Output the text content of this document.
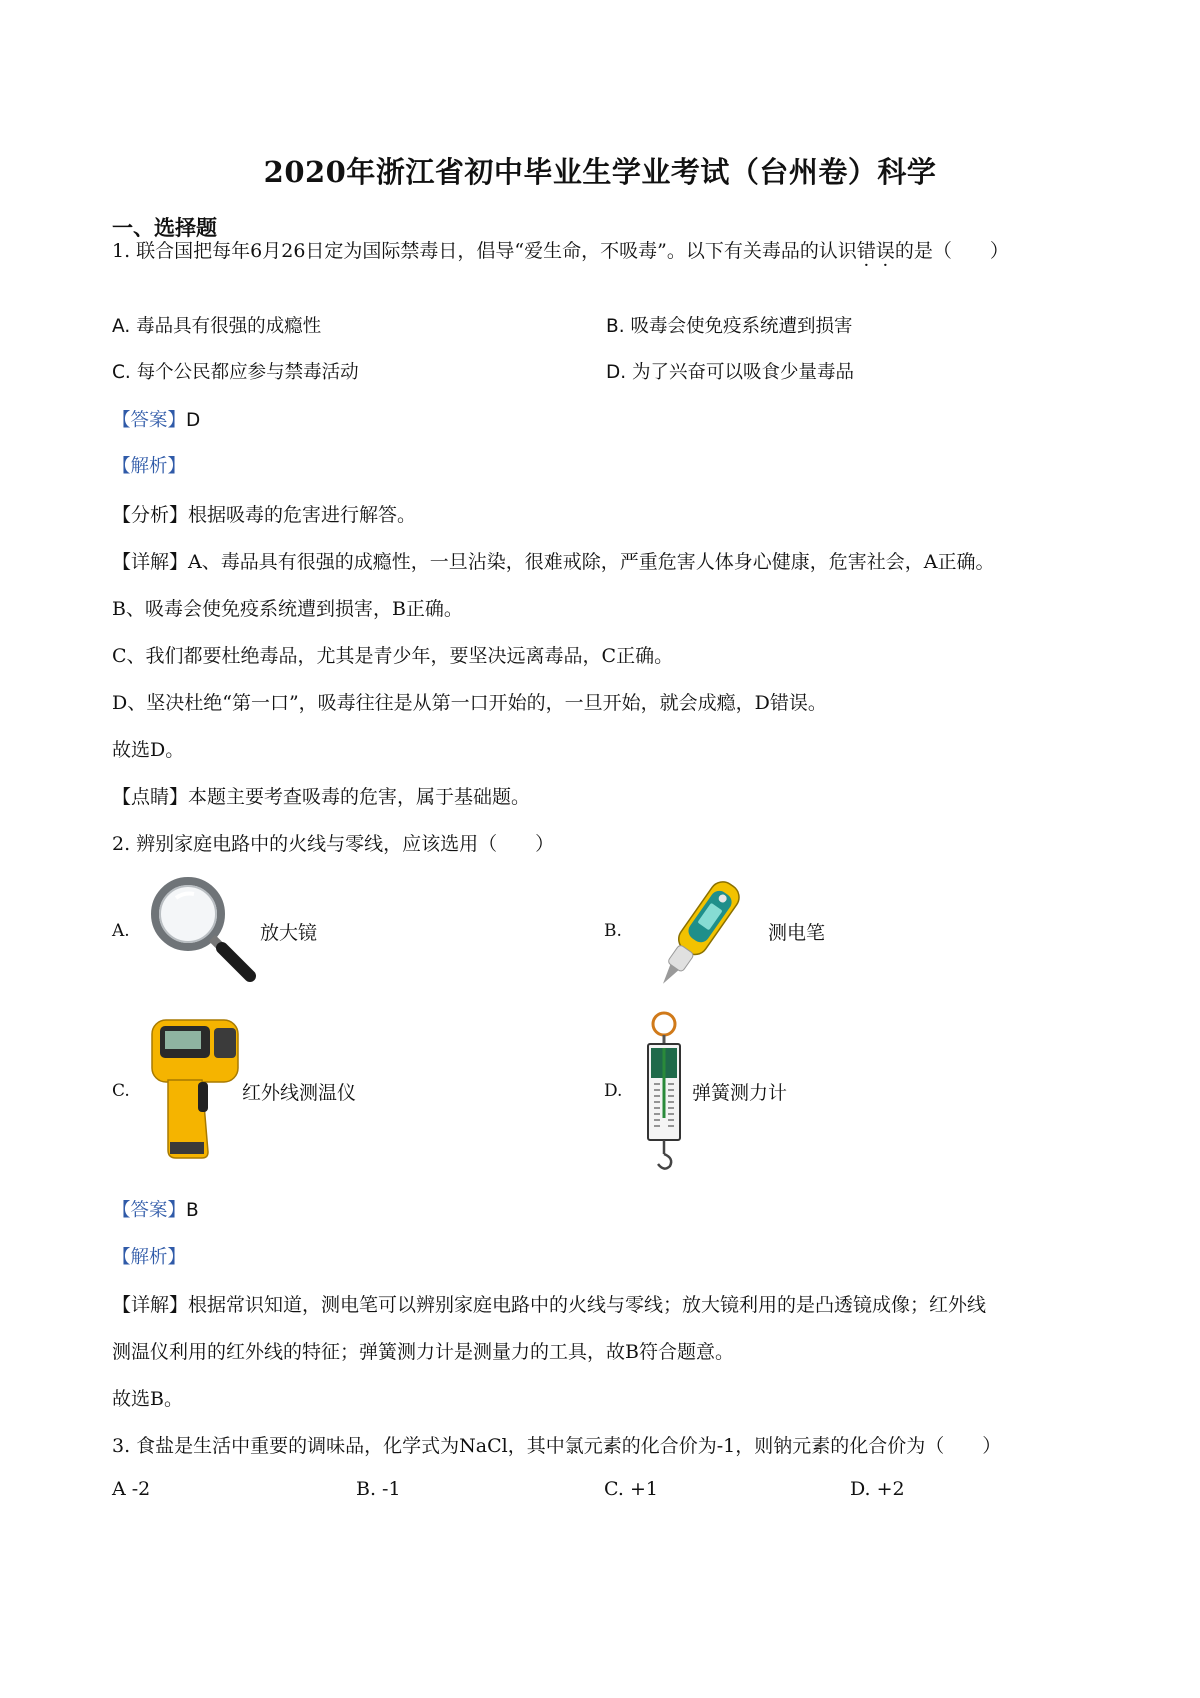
2020年浙江省初中毕业生学业考试（台州卷）科学
一、选择题
1. 联合国把每年6月26日定为国际禁毒日，倡导“爱生命，不吸毒”。以下有关毒品的认识错误的是（　　）
A. 毒品具有很强的成瘾性	B. 吸毒会使免疫系统遭到损害
C. 每个公民都应参与禁毒活动	D. 为了兴奋可以吸食少量毒品
【答案】D
【解析】
【分析】根据吸毒的危害进行解答。
【详解】A、毒品具有很强的成瘾性，一旦沾染，很难戒除，严重危害人体身心健康，危害社会，A正确。
B、吸毒会使免疫系统遭到损害，B正确。
C、我们都要杜绝毒品，尤其是青少年，要坚决远离毒品，C正确。
D、坚决杜绝“第一口”，吸毒往往是从第一口开始的，一旦开始，就会成瘾，D错误。
故选D。
【点睛】本题主要考查吸毒的危害，属于基础题。
2. 辨别家庭电路中的火线与零线，应该选用（　　）
A.	放大镜	B.	测电笔
C.	红外线测温仪	D.	弹簧测力计
【答案】B
【解析】
【详解】根据常识知道，测电笔可以辨别家庭电路中的火线与零线；放大镜利用的是凸透镜成像；红外线
测温仪利用的红外线的特征；弹簧测力计是测量力的工具，故B符合题意。
故选B。
3. 食盐是生活中重要的调味品，化学式为NaCl，其中氯元素的化合价为-1，则钠元素的化合价为（　　）
A -2	B. -1	C. +1	D. +2
